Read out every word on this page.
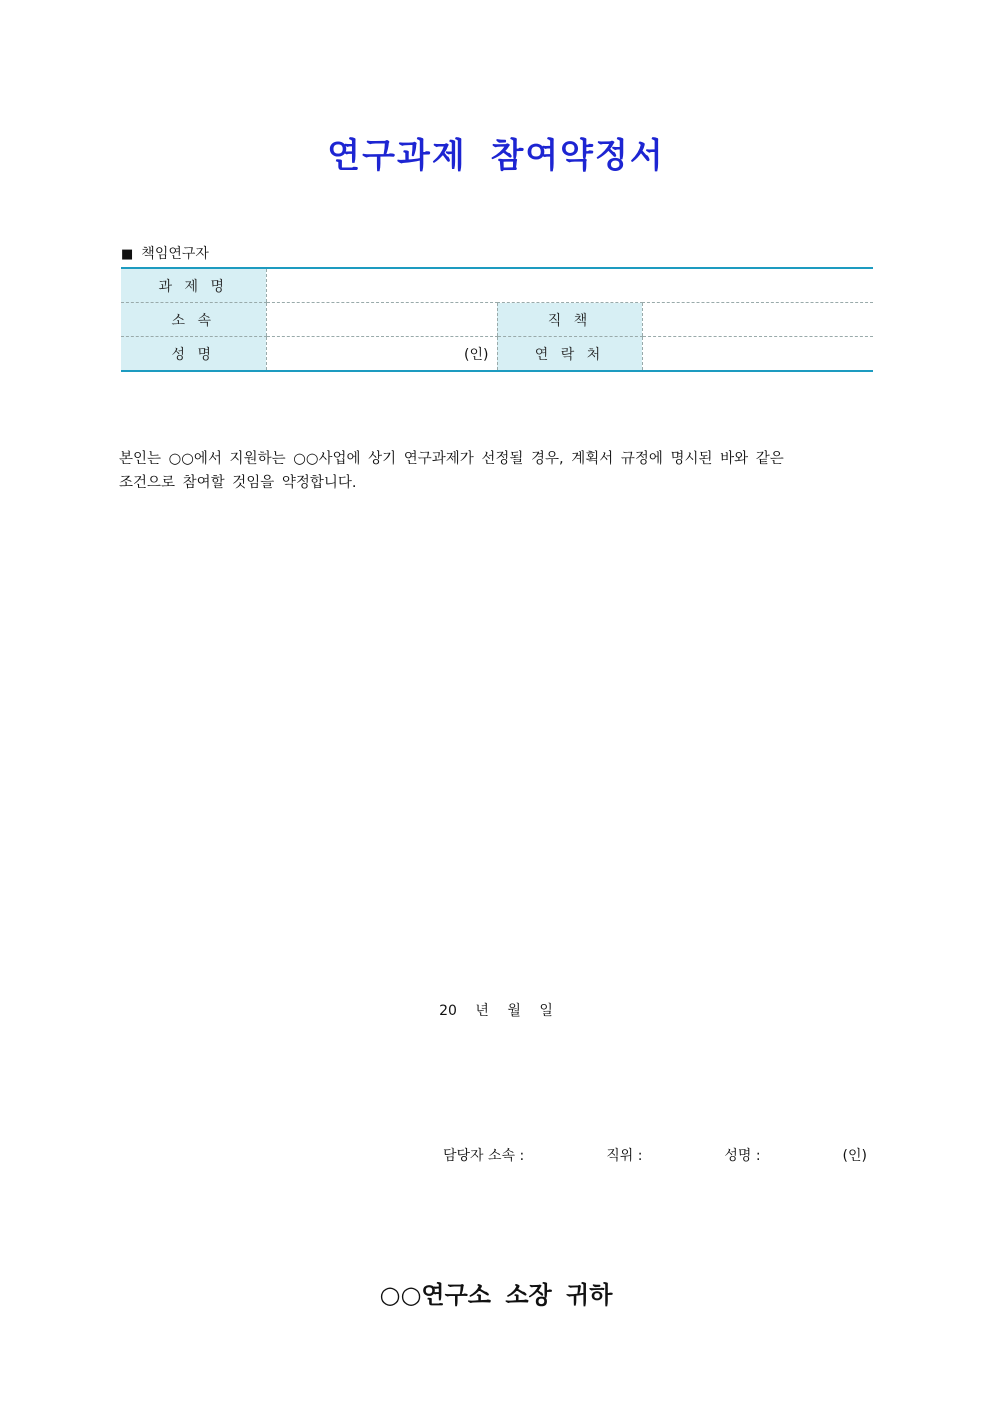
연구과제 참여약정서
■ 책임연구자
과 제 명			
소 속		직 책	
성 명	(인)	연 락 처	
본인는 ○○에서 지원하는 ○○사업에 상기 연구과제가 선정될 경우, 계획서 규정에 명시된 바와 같은
조건으로 참여할 것임을 약정합니다.
20 년 월 일
담당자 소속 :	직위 :	성명 :	(인)
○○연구소 소장 귀하
